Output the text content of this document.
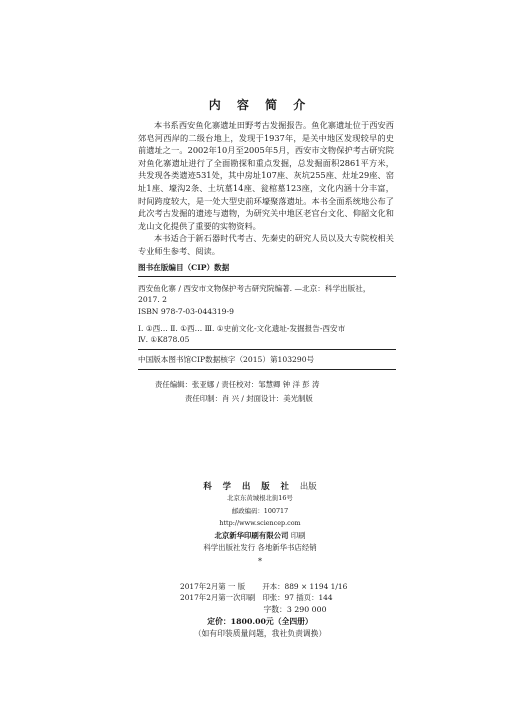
内 容 简 介

本书系西安鱼化寨遗址田野考古发掘报告。鱼化寨遗址位于西安西郊皂河西岸的二级台地上，发现于1937年，是关中地区发现较早的史前遗址之一。2002年10月至2005年5月，西安市文物保护考古研究院对鱼化寨遗址进行了全面勘探和重点发掘，总发掘面积2861平方米，共发现各类遗迹531处，其中房址107座、灰坑255座、灶址29座、窑址1座、壕沟2条、土坑墓14座、瓮棺墓123座，文化内涵十分丰富，时间跨度较大，是一处大型史前环壕聚落遗址。本书全面系统地公布了此次考古发掘的遗迹与遗物，为研究关中地区老官台文化、仰韶文化和龙山文化提供了重要的实物资料。

本书适合于新石器时代考古、先秦史的研究人员以及大专院校相关专业师生参考、阅读。

图书在版编目（CIP）数据
西安鱼化寨 / 西安市文物保护考古研究院编著. —北京：科学出版社，
2017. 2
ISBN 978-7-03-044319-9
Ⅰ. ①西… Ⅱ. ①西… Ⅲ. ①史前文化-文化遗址-发掘报告-西安市
Ⅳ. ①K878.05
中国版本图书馆CIP数据核字（2015）第103290号
责任编辑：张亚娜 / 责任校对：邹慧卿 钟 洋 彭 涛
责任印制：肖 兴 / 封面设计：美光制版
科 学 出 版 社 出版
北京东黄城根北街16号
邮政编码：100717
http://www.sciencep.com
北京新华印刷有限公司 印刷
科学出版社发行 各地新华书店经销
*
2017年2月第 一 版 开本：889 × 1194 1/16
2017年2月第一次印刷 印张：97 插页：144
字数：3 290 000
定价：1800.00元（全四册）
（如有印装质量问题，我社负责调换）
